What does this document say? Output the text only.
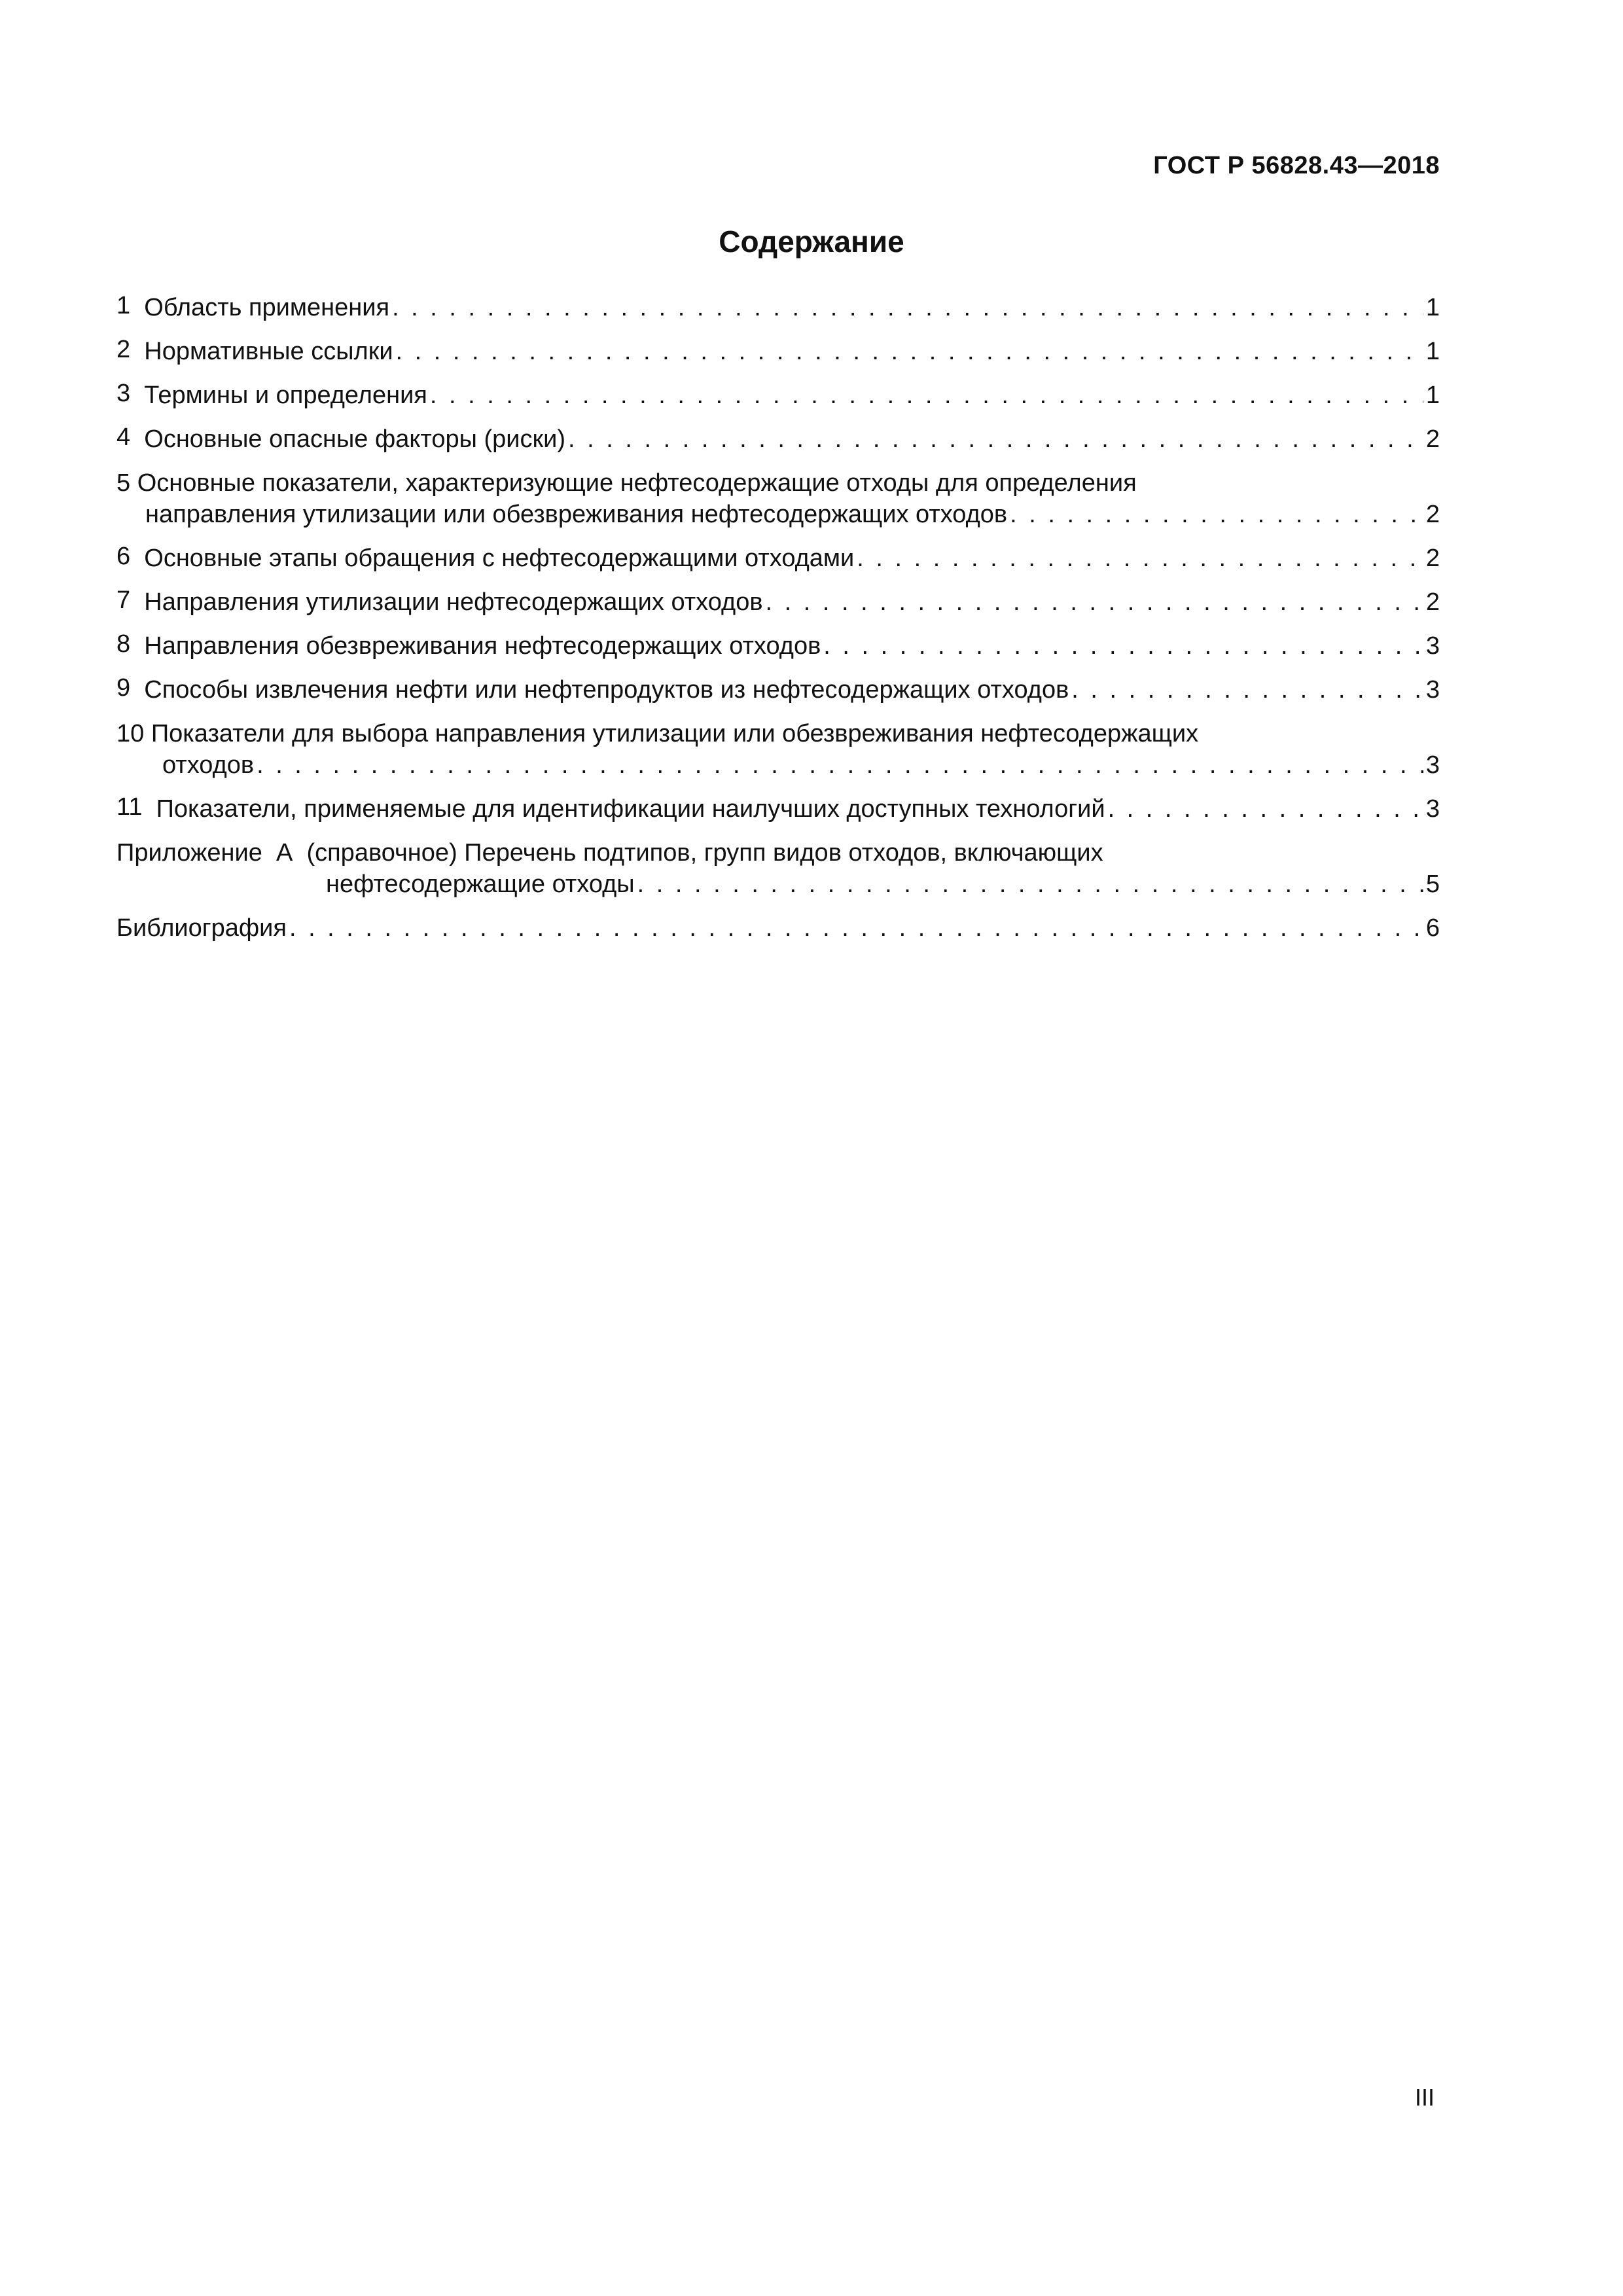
ГОСТ Р 56828.43—2018
Содержание
1 Область применения . . .	1
2 Нормативные ссылки . . .	1
3 Термины и определения . . .	1
4 Основные опасные факторы (риски) . . .	2
5 Основные показатели, характеризующие нефтесодержащие отходы для определения
направления утилизации или обезвреживания нефтесодержащих отходов . . .	2
6 Основные этапы обращения с нефтесодержащими отходами . . .	2
7 Направления утилизации нефтесодержащих отходов . . .	2
8 Направления обезвреживания нефтесодержащих отходов . . .	3
9 Способы извлечения нефти или нефтепродуктов из нефтесодержащих отходов . . .	3
10 Показатели для выбора направления утилизации или обезвреживания нефтесодержащих
отходов . . .	3
11 Показатели, применяемые для идентификации наилучших доступных технологий . . .	3
Приложение  А  (справочное) Перечень подтипов, групп видов отходов, включающих
нефтесодержащие отходы . . .	5
Библиография . . .	6
III
